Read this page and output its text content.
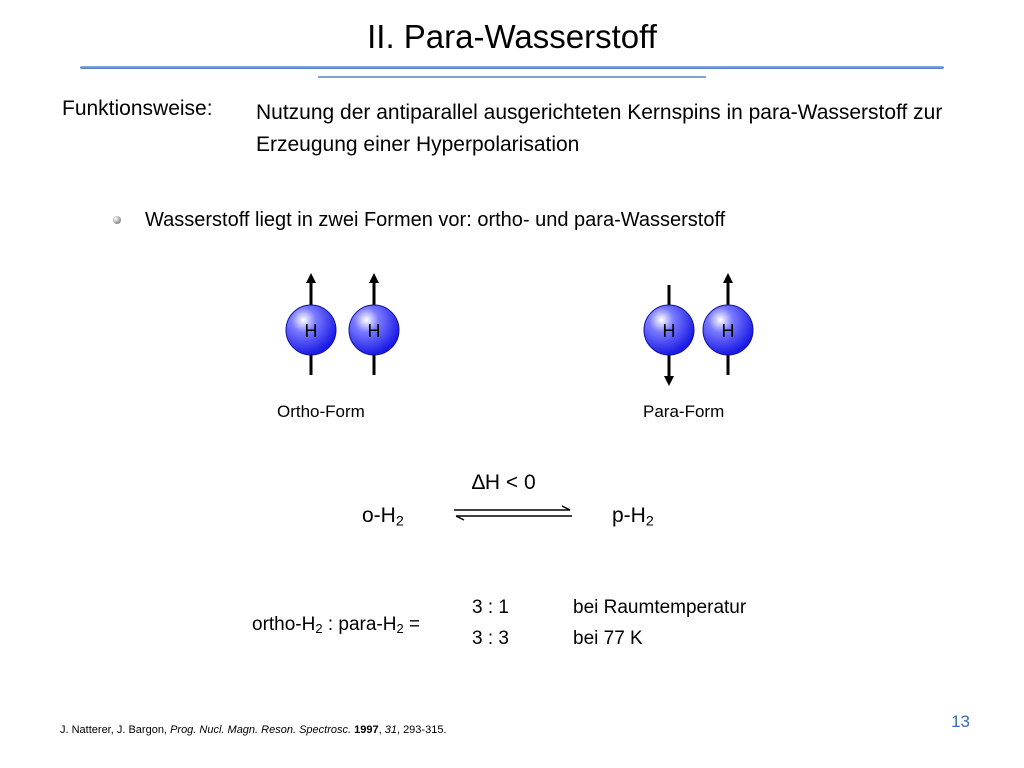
II. Para-Wasserstoff
Funktionsweise: Nutzung der antiparallel ausgerichteten Kernspins in para-Wasserstoff zur Erzeugung einer Hyperpolarisation
Wasserstoff liegt in zwei Formen vor: ortho- und para-Wasserstoff
H	H	H	H
Ortho-Form	Para-Form
∆H < 0
$o-H_2$	$p-H_2$
ortho-$H_2$ : para-$H_2$ =
3 : 1	bei Raumtemperatur
3 : 3	bei 77 K
J. Natterer, J. Bargon, Prog. Nucl. Magn. Reson. Spectrosc. 1997, 31, 293-315.	13
